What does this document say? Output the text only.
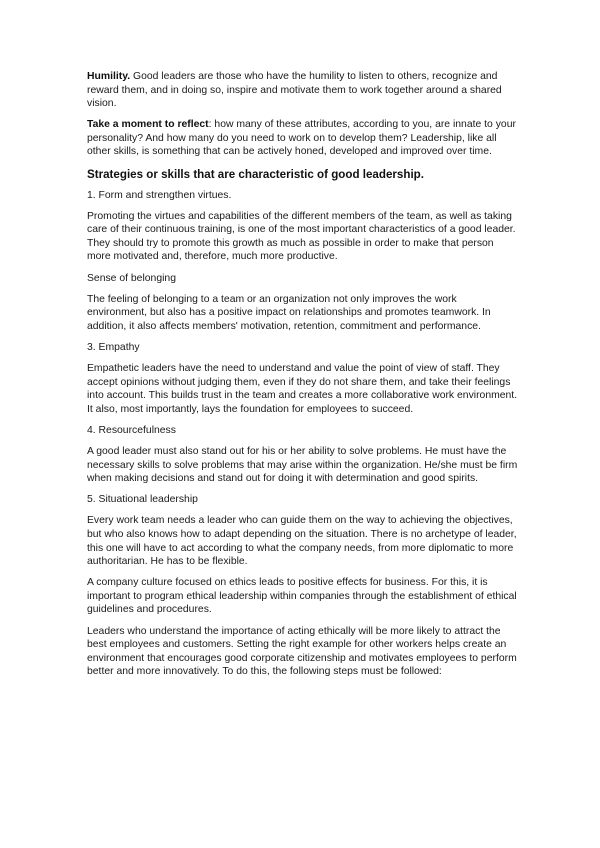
Humility. Good leaders are those who have the humility to listen to others, recognize and reward them, and in doing so, inspire and motivate them to work together around a shared vision.

Take a moment to reflect: how many of these attributes, according to you, are innate to your personality? And how many do you need to work on to develop them? Leadership, like all other skills, is something that can be actively honed, developed and improved over time.

Strategies or skills that are characteristic of good leadership.

1. Form and strengthen virtues.

Promoting the virtues and capabilities of the different members of the team, as well as taking care of their continuous training, is one of the most important characteristics of a good leader. They should try to promote this growth as much as possible in order to make that person more motivated and, therefore, much more productive.

Sense of belonging

The feeling of belonging to a team or an organization not only improves the work environment, but also has a positive impact on relationships and promotes teamwork. In addition, it also affects members' motivation, retention, commitment and performance.

3. Empathy

Empathetic leaders have the need to understand and value the point of view of staff. They accept opinions without judging them, even if they do not share them, and take their feelings into account. This builds trust in the team and creates a more collaborative work environment. It also, most importantly, lays the foundation for employees to succeed.

4. Resourcefulness

A good leader must also stand out for his or her ability to solve problems. He must have the necessary skills to solve problems that may arise within the organization. He/she must be firm when making decisions and stand out for doing it with determination and good spirits.

5. Situational leadership

Every work team needs a leader who can guide them on the way to achieving the objectives, but who also knows how to adapt depending on the situation. There is no archetype of leader, this one will have to act according to what the company needs, from more diplomatic to more authoritarian. He has to be flexible.

A company culture focused on ethics leads to positive effects for business. For this, it is important to program ethical leadership within companies through the establishment of ethical guidelines and procedures.

Leaders who understand the importance of acting ethically will be more likely to attract the best employees and customers. Setting the right example for other workers helps create an environment that encourages good corporate citizenship and motivates employees to perform better and more innovatively. To do this, the following steps must be followed:
